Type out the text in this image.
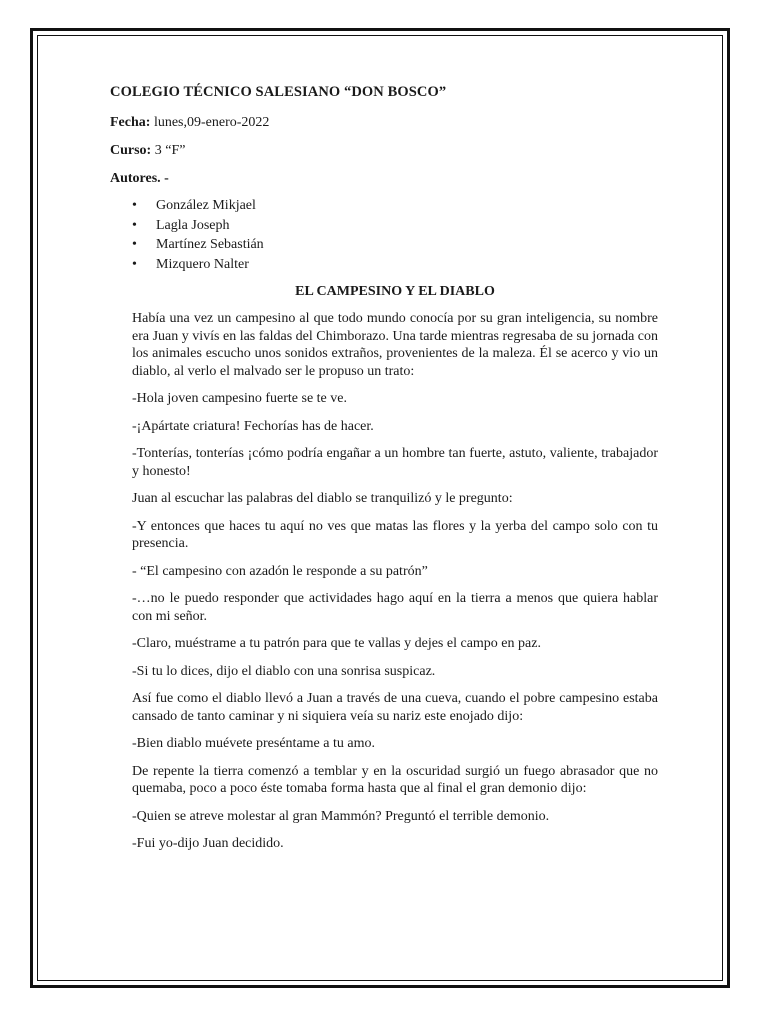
COLEGIO TÉCNICO SALESIANO “DON BOSCO”

Fecha: lunes,09-enero-2022

Curso: 3 “F”

Autores. -

• González Mikjael
• Lagla Joseph
• Martínez Sebastián
• Mizquero Nalter

EL CAMPESINO Y EL DIABLO

Había una vez un campesino al que todo mundo conocía por su gran inteligencia, su nombre era Juan y vivís en las faldas del Chimborazo. Una tarde mientras regresaba de su jornada con los animales escucho unos sonidos extraños, provenientes de la maleza. Él se acerco y vio un diablo, al verlo el malvado ser le propuso un trato:

-Hola joven campesino fuerte se te ve.

-¡Apártate criatura! Fechorías has de hacer.

-Tonterías, tonterías ¡cómo podría engañar a un hombre tan fuerte, astuto, valiente, trabajador y honesto!

Juan al escuchar las palabras del diablo se tranquilizó y le pregunto:

-Y entonces que haces tu aquí no ves que matas las flores y la yerba del campo solo con tu presencia.

- “El campesino con azadón le responde a su patrón”

-…no le puedo responder que actividades hago aquí en la tierra a menos que quiera hablar con mi señor.

-Claro, muéstrame a tu patrón para que te vallas y dejes el campo en paz.

-Si tu lo dices, dijo el diablo con una sonrisa suspicaz.

Así fue como el diablo llevó a Juan a través de una cueva, cuando el pobre campesino estaba cansado de tanto caminar y ni siquiera veía su nariz este enojado dijo:

-Bien diablo muévete preséntame a tu amo.

De repente la tierra comenzó a temblar y en la oscuridad surgió un fuego abrasador que no quemaba, poco a poco éste tomaba forma hasta que al final el gran demonio dijo:

-Quien se atreve molestar al gran Mammón? Preguntó el terrible demonio.

-Fui yo-dijo Juan decidido.
